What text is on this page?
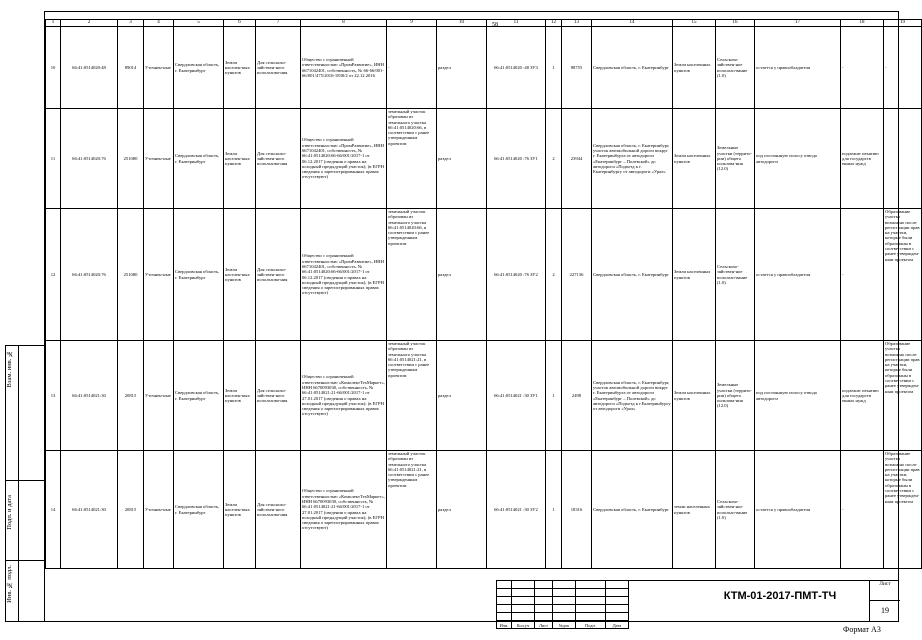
58
1	2	3	4	5	6	7	8	9	10	11	12	13	14	15	16	17	18	19
10	66:41:0514020:48	89014	Уточнен-ные	Свердловская область, г. Екатеринбург	Земли населен-ных пунктов	Для сельскохо-зяйствен-ного использова-ния	Общество с ограниченной ответственностью «ПромРазвитие», ИНН 6671042401, собственность, № 66-66/001-66/001/475/2016-1838/2 от 22.12.2016	-	раздел	66:41:0514020 :48 ЗУ3	1	88755	Свердловская область, г. Екатеринбург	Земли населенных пунктов	Сельскохо-зяйствен-ное использо-вание (1.0)	остается у правообладателя	-	-
11	66:41:0514020:76	251080	Уточнен-ные	Свердловская область, г. Екатеринбург	Земли населен-ных пунктов	Для сельскохо-зяйствен-ного использова-ния	Общество с ограниченной ответственностью «ПромРазвитие», ИНН 6671042401, собственность, № 66:41:0514020:66-66/001/2017-1 от 06.12.2017 (сведения о правах на исходный предыдущий участок); (в ЕГРН сведения о зарегистрированных правах отсутствуют)	земельный участок образован из земельного участка 66:41:0514020:66, в соответствии с ранее утвержденным проектом	раздел	66:41:0514020 :76 ЗУ1	2	23944	Свердловская область, г. Екатеринбург, участок автомобильной дороги вокруг г. Екатеринбурга от автодороги «Екатеринбург – Полевской» до автодороги «Подъезд к г. Екатеринбургу от автодороги «Урал»	Земли населенных пунктов	Земельные участки (террито-рии) общего пользова-ния (12.0)	под постоянную полосу отвода автодороги	подлежит изъятию для государств енных нужд	
12	66:41:0514020:76	251080	Уточнен-ные	Свердловская область, г. Екатеринбург	Земли населен-ных пунктов	Для сельскохо-зяйствен-ного использова-ния	Общество с ограниченной ответственностью «ПромРазвитие», ИНН 6671042401, собственность, № 66:41:0514020:66-66/001/2017-1 от 06.12.2017 (сведения о правах на исходный предыдущий участок); (в ЕГРН сведения о зарегистрированных правах отсутствуют)	земельный участок образован из земельного участка 66:41:0514020:66, в соответствии с ранее утвержденным проектом	раздел	66:41:0514020 :76 ЗУ2	2	227136	Свердловская область, г. Екатеринбург	Земли населенных пунктов	Сельскохо-зяйствен-ное использо-вание (1.0)	остается у правообладателя	-	Образование участка возможно после регистрации прав на участки, которые были образованы в соответствии с ранее утвержден-ным проектом
13	66:41:0514021:30	20815	Уточнен-ные	Свердловская область, г. Екатеринбург	Земли населен-ных пунктов	Для сельскохо-зяйствен-ного использова-ния	Общество с ограниченной ответственностью «КомплектТехМаркет», ИНН 6670093030, собственность, № 66:41:0514021:21-66/001/2017-1 от 27.01.2017 (сведения о правах на исходный предыдущий участок); (в ЕГРН сведения о зарегистрированных правах отсутствуют)	земельный участок образован из земельного участка 66:41:0514021:21, в соответствии с ранее утвержденным проектом	раздел	66:41:0514021 :30 ЗУ1	1	2498	Свердловская область, г. Екатеринбург, участок автомобильной дороги вокруг г. Екатеринбурга от автодороги «Екатеринбург – Полевской» до автодороги «Подъезд к г.Екатеринбургу от автодороги «Урал»	Земли населенных пунктов	Земельные участки (террито-рии) общего пользова-ния (12.0)	под постоянную полосу отвода автодороги	подлежит изъятию для государств енных нужд	Образование участка возможно после регистрации прав на участки, которые были образованы в соответствии с ранее утвержден-ным проектом
14	66:41:0514021:30	20815	Уточнен-ные	Свердловская область, г. Екатеринбург	Земли населен-ных пунктов	Для сельскохо-зяйствен-ного использова-ния	Общество с ограниченной ответственностью «КомплектТехМаркет», ИНН 6670093030, собственность, № 66:41:0514021:21-66/001/2017-1 от 27.01.2017 (сведения о правах на исходный предыдущий участок); (в ЕГРН сведения о зарегистрированных правах отсутствуют)	земельный участок образован из земельного участка 66:41:0514021:21, в соответствии с ранее утвержденным проектом	раздел	66:41:0514021 :30 ЗУ2	1	18316	Свердловская область, г. Екатеринбург	земли населенных пунктов	Сельскохо-зяйствен-ное использо-вание (1.0)	остается у правообладателя	-	Образование участка возможно после регистрации прав на участки, которые были образованы в соответствии с ранее утвержден-ным проектом
Взам. инв. №
Подп. и дата
Инв. № подл.

Изм.	Кол.уч	Лист	№док	Подп.	Дата
КТМ-01-2017-ПМТ-ТЧ
Лист
19
Формат А3
